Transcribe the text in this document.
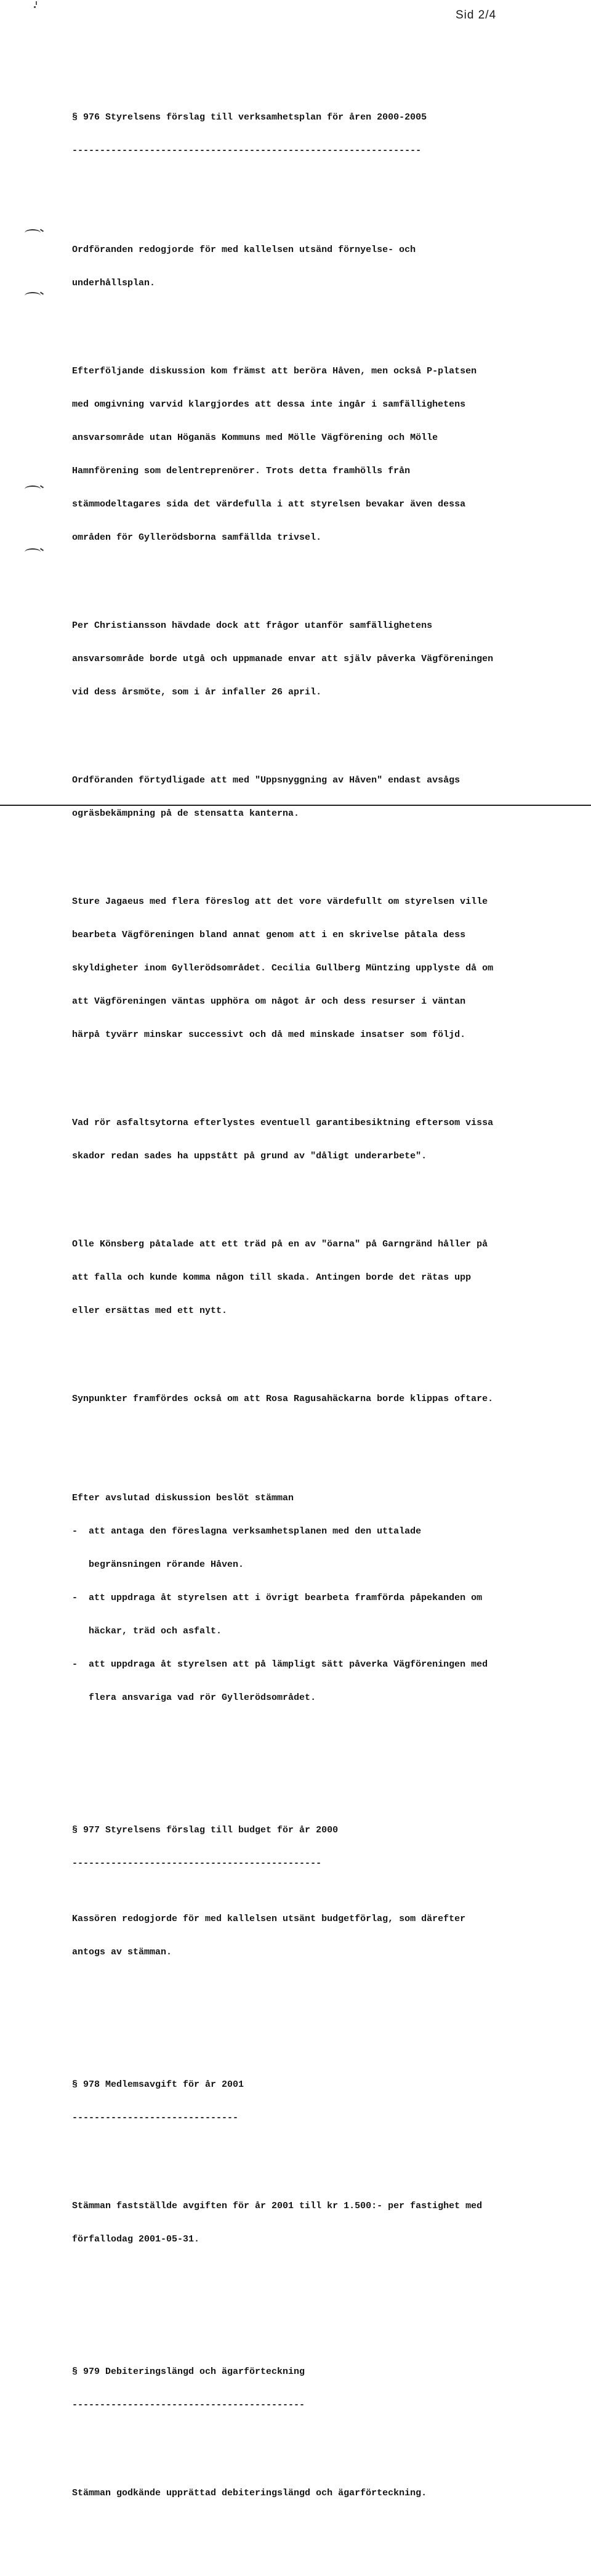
Sid 2/4

§ 976 Styrelsens förslag till verksamhetsplan för åren 2000-2005

---------------------------------------------------------------

Ordföranden redogjorde för med kallelsen utsänd förnyelse- och

underhållsplan.

Efterföljande diskussion kom främst att beröra Håven, men också P-platsen

med omgivning varvid klargjordes att dessa inte ingår i samfällighetens

ansvarsområde utan Höganäs Kommuns med Mölle Vägförening och Mölle

Hamnförening som delentreprenörer. Trots detta framhölls från

stämmodeltagares sida det värdefulla i att styrelsen bevakar även dessa

områden för Gyllerödsborna samfällda trivsel.

Per Christiansson hävdade dock att frågor utanför samfällighetens

ansvarsområde borde utgå och uppmanade envar att själv påverka Vägföreningen

vid dess årsmöte, som i år infaller 26 april.

Ordföranden förtydligade att med "Uppsnyggning av Håven" endast avsågs

ogräsbekämpning på de stensatta kanterna.

Sture Jagaeus med flera föreslog att det vore värdefullt om styrelsen ville

bearbeta Vägföreningen bland annat genom att i en skrivelse påtala dess

skyldigheter inom Gyllerödsområdet. Cecilia Gullberg Müntzing upplyste då om

att Vägföreningen väntas upphöra om något år och dess resurser i väntan

härpå tyvärr minskar successivt och då med minskade insatser som följd.

Vad rör asfaltsytorna efterlystes eventuell garantibesiktning eftersom vissa

skador redan sades ha uppstått på grund av "dåligt underarbete".

Olle Könsberg påtalade att ett träd på en av "öarna" på Garngränd håller på

att falla och kunde komma någon till skada. Antingen borde det rätas upp

eller ersättas med ett nytt.

Synpunkter framfördes också om att Rosa Ragusahäckarna borde klippas oftare.

Efter avslutad diskussion beslöt stämman

-  att antaga den föreslagna verksamhetsplanen med den uttalade

begränsningen rörande Håven.

-  att uppdraga åt styrelsen att i övrigt bearbeta framförda påpekanden om

häckar, träd och asfalt.

-  att uppdraga åt styrelsen att på lämpligt sätt påverka Vägföreningen med

flera ansvariga vad rör Gyllerödsområdet.

§ 977 Styrelsens förslag till budget för år 2000

---------------------------------------------

Kassören redogjorde för med kallelsen utsänt budgetförlag, som därefter

antogs av stämman.

§ 978 Medlemsavgift för år 2001

------------------------------

Stämman fastställde avgiften för år 2001 till kr 1.500:- per fastighet med

förfallodag 2001-05-31.

§ 979 Debiteringslängd och ägarförteckning

------------------------------------------

Stämman godkände upprättad debiteringslängd och ägarförteckning.
